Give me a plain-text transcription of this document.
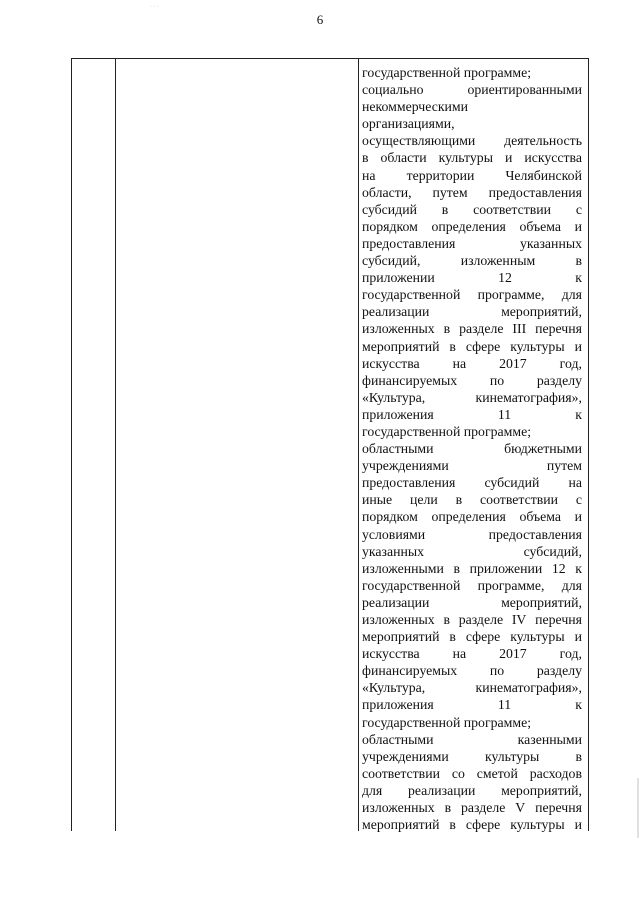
· · ·
6
государственной программе;
социально	ориентированными
некоммерческими
организациями,
осуществляющими деятельность
в области культуры и искусства
на территории Челябинской
области, путем предоставления
субсидий в соответствии с
порядком определения объема и
предоставления	указанных
субсидий,	изложенным	в
приложении	12	к
государственной программе, для
реализации	мероприятий,
изложенных в разделе III перечня
мероприятий в сфере культуры и
искусства на 2017 год,
финансируемых по разделу
«Культура,	кинематография»,
приложения	11	к
государственной программе;
областными	бюджетными
учреждениями	путем
предоставления субсидий на
иные цели в соответствии с
порядком определения объема и
условиями	предоставления
указанных	субсидий,
изложенными в приложении 12 к
государственной программе, для
реализации	мероприятий,
изложенных в разделе IV перечня
мероприятий в сфере культуры и
искусства на 2017 год,
финансируемых по разделу
«Культура,	кинематография»,
приложения	11	к
государственной программе;
областными	казенными
учреждениями	культуры	в
соответствии со сметой расходов
для реализации мероприятий,
изложенных в разделе V перечня
мероприятий в сфере культуры и
